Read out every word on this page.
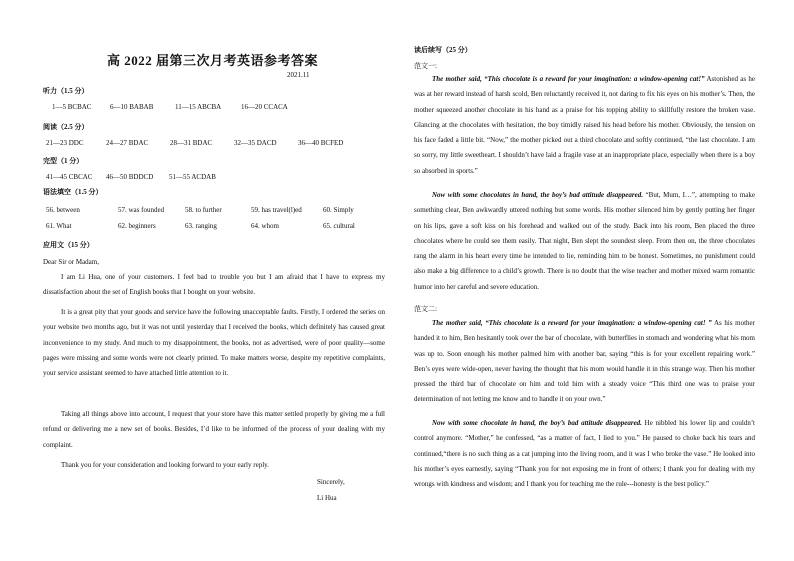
高 2022 届第三次月考英语参考答案
2021.11
听力（1.5 分）
1—5 BCBAC	6—10 BABAB	11—15 ABCBA	16—20 CCACA
阅读（2.5 分）
21—23 DDC	24—27 BDAC	28—31 BDAC	32—35 DACD	36—40 BCFED
完型（1 分）
41—45 CBCAC	46—50 BDDCD	51—55 ACDAB
语法填空（1.5 分）
56. between	57. was founded	58. to further	59. has travel(l)ed	60. Simply
61. What	62. beginners	63. ranging	64. whom	65. cultural
应用文（15 分）
Dear Sir or Madam,
I am Li Hua, one of your customers. I feel bad to trouble you but I am afraid that I have to express my dissatisfaction about the set of English books that I bought on your website.
It is a great pity that your goods and service have the following unacceptable faults. Firstly, I ordered the series on your website two months ago, but it was not until yesterday that I received the books, which definitely has caused great inconvenience to my study. And much to my disappointment, the books, not as advertised, were of poor quality—some pages were missing and some words were not clearly printed. To make matters worse, despite my repetitive complaints, your service assistant seemed to have attached little attention to it.
Taking all things above into account, I request that your store have this matter settled properly by giving me a full refund or delivering me a new set of books. Besides, I’d like to be informed of the process of your dealing with my complaint.
Thank you for your consideration and looking forward to your early reply.
Sincerely,
Li Hua
读后续写（25 分）
范文一:
The mother said, “This chocolate is a reward for your imagination: a window-opening cat!” Astonished as he was at her reward instead of harsh scold, Ben reluctantly received it, not daring to fix his eyes on his mother’s. Then, the mother squeezed another chocolate in his hand as a praise for his topping ability to skillfully restore the broken vase. Glancing at the chocolates with hesitation, the boy timidly raised his head before his mother. Obviously, the tension on his face faded a little bit. “Now,” the mother picked out a third chocolate and softly continued, “the last chocolate. I am so sorry, my little sweetheart. I shouldn’t have laid a fragile vase at an inappropriate place, especially when there is a boy so absorbed in sports.”
Now with some chocolates in hand, the boy’s bad attitude disappeared. “But, Mum, I…”, attempting to make something clear, Ben awkwardly uttered nothing but some words. His mother silenced him by gently putting her finger on his lips, gave a soft kiss on his forehead and walked out of the study. Back into his room, Ben placed the three chocolates where he could see them easily. That night, Ben slept the soundest sleep. From then on, the three chocolates rang the alarm in his heart every time he intended to lie, reminding him to be honest. Sometimes, no punishment could also make a big difference to a child’s growth. There is no doubt that the wise teacher and mother mixed warm romantic humor into her careful and severe education.
范文二:
The mother said, “This chocolate is a reward for your imagination: a window-opening cat! ” As his mother handed it to him, Ben hesitantly took over the bar of chocolate, with butterflies in stomach and wondering what his mom was up to. Soon enough his mother palmed him with another bar, saying “this is for your excellent repairing work.” Ben’s eyes were wide-open, never having the thought that his mom would handle it in this strange way. Then his mother pressed the third bar of chocolate on him and told him with a steady voice “This third one was to praise your determination of not letting me know and to handle it on your own.”
Now with some chocolate in hand, the boy’s bad attitude disappeared. He nibbled his lower lip and couldn’t control anymore. “Mother,” he confessed, “as a matter of fact, I lied to you.” He paused to choke back his tears and continued,“there is no such thing as a cat jumping into the living room, and it was I who broke the vase.” He looked into his mother’s eyes earnestly, saying “Thank you for not exposing me in front of others; I thank you for dealing with my wrongs with kindness and wisdom; and I thank you for teaching me the rule---honesty is the best policy.”
